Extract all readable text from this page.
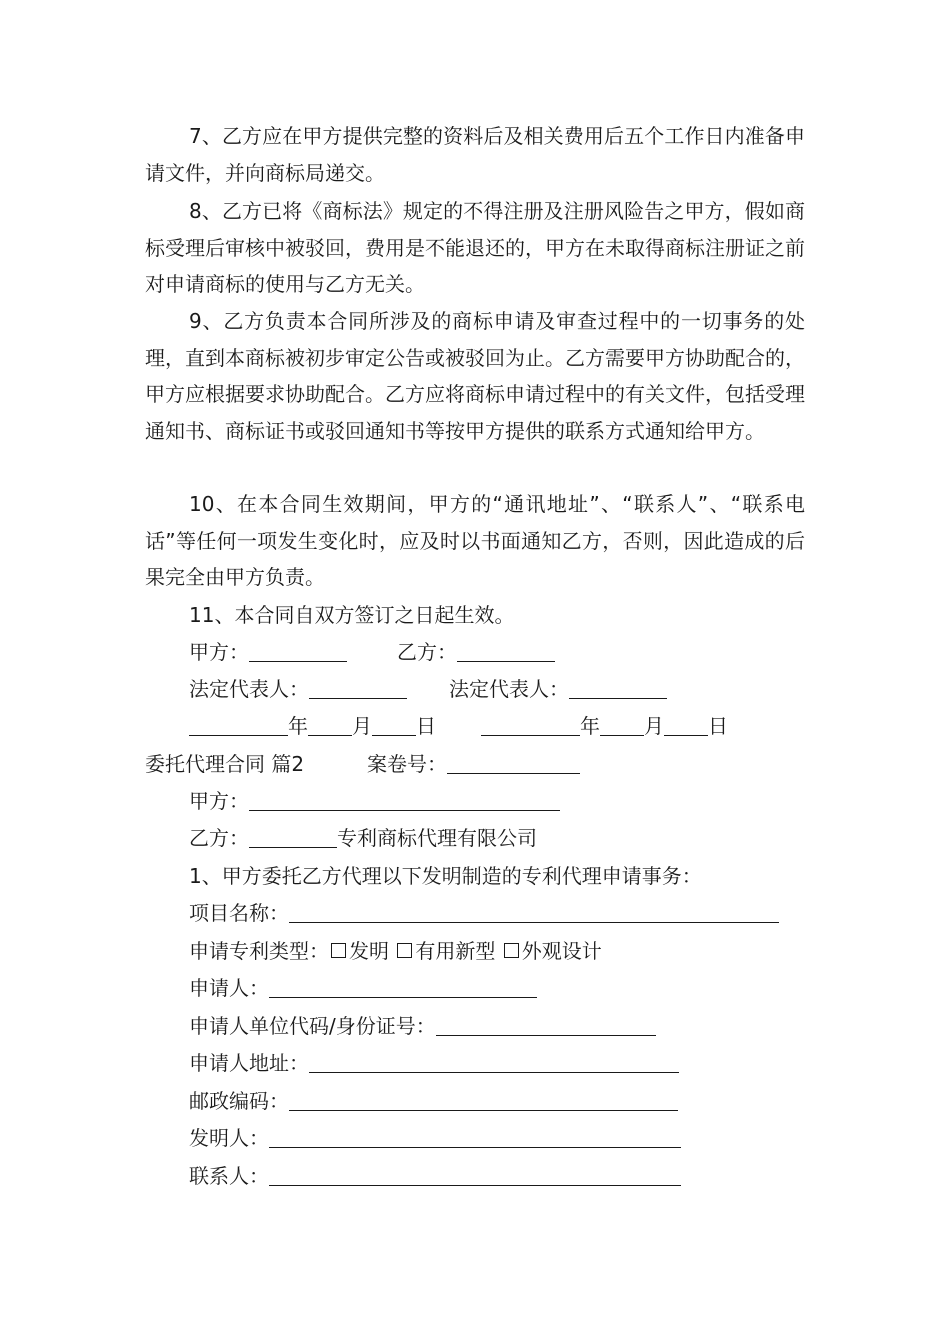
7、乙方应在甲方提供完整的资料后及相关费用后五个工作日内准备申请文件，并向商标局递交。

8、乙方已将《商标法》规定的不得注册及注册风险告之甲方，假如商标受理后审核中被驳回，费用是不能退还的，甲方在未取得商标注册证之前对申请商标的使用与乙方无关。

9、乙方负责本合同所涉及的商标申请及审查过程中的一切事务的处理，直到本商标被初步审定公告或被驳回为止。乙方需要甲方协助配合的，甲方应根据要求协助配合。乙方应将商标申请过程中的有关文件，包括受理通知书、商标证书或驳回通知书等按甲方提供的联系方式通知给甲方。

10、在本合同生效期间，甲方的“通讯地址”、“联系人”、“联系电话”等任何一项发生变化时，应及时以书面通知乙方，否则，因此造成的后果完全由甲方负责。

11、本合同自双方签订之日起生效。

甲方：	乙方：
法定代表人：	法定代表人：
年 月 日	年 月 日
委托代理合同 篇2	案卷号：
甲方：
乙方：	专利商标代理有限公司

1、甲方委托乙方代理以下发明制造的专利代理申请事务：

项目名称：
申请专利类型： 发明 有用新型 外观设计
申请人：
申请人单位代码/身份证号：
申请人地址：
邮政编码：
发明人：
联系人：
